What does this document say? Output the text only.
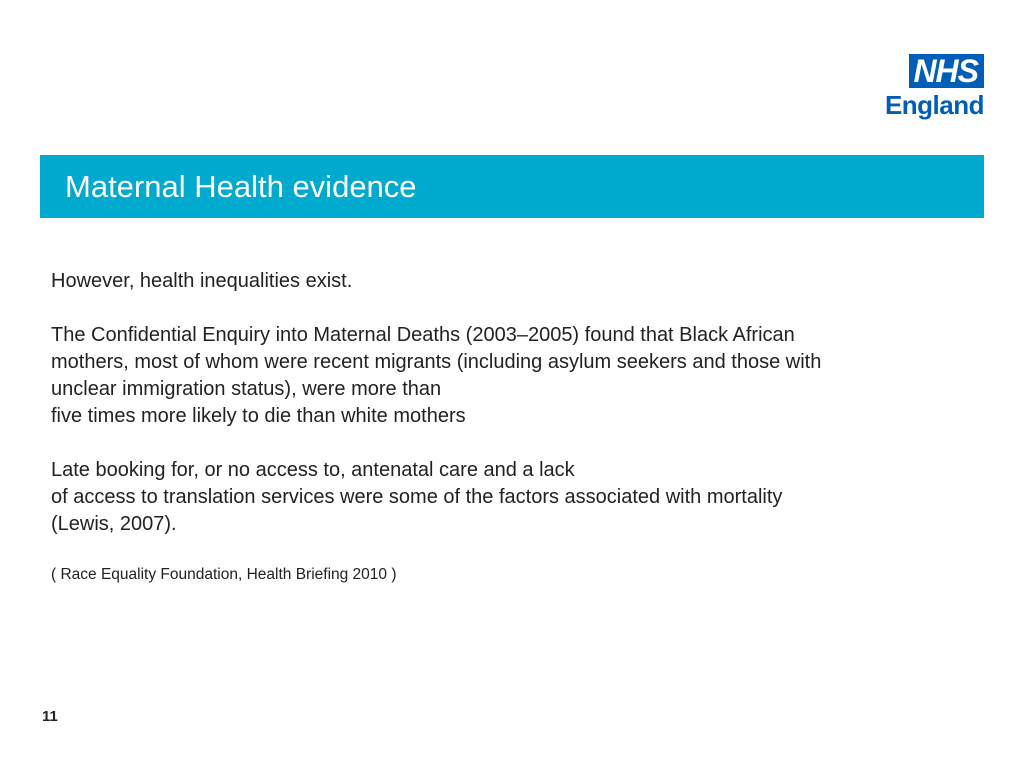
NHS
England
Maternal Health evidence

However, health inequalities exist.

The Confidential Enquiry into Maternal Deaths (2003–2005) found that Black African
mothers, most of whom were recent migrants (including asylum seekers and those with
unclear immigration status), were more than
five times more likely to die than white mothers

Late booking for, or no access to, antenatal care and a lack
of access to translation services were some of the factors associated with mortality
(Lewis, 2007).

( Race Equality Foundation, Health Briefing 2010 )

11
